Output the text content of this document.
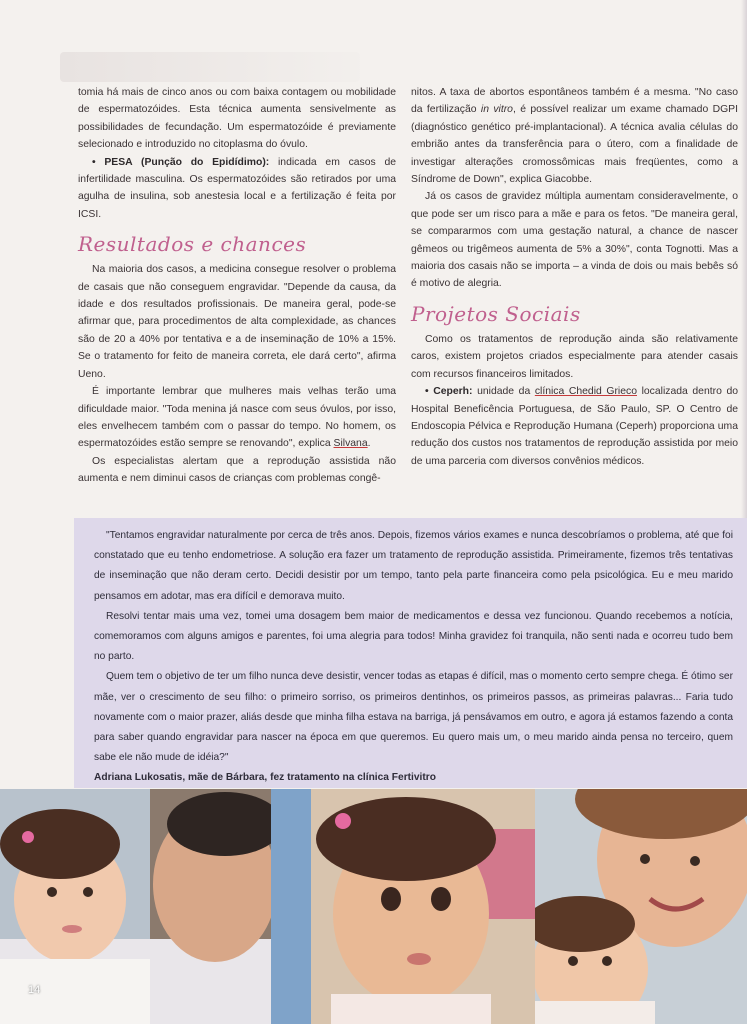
tomia há mais de cinco anos ou com baixa contagem ou mobilidade de espermatozóides. Esta técnica aumenta sensivelmente as possibilidades de fecundação. Um espermatozóide é previamente selecionado e introduzido no citoplasma do óvulo.

• PESA (Punção do Epidídimo): indicada em casos de infertilidade masculina. Os espermatozóides são retirados por uma agulha de insulina, sob anestesia local e a fertilização é feita por ICSI.

Resultados e chances

Na maioria dos casos, a medicina consegue resolver o problema de casais que não conseguem engravidar. "Depende da causa, da idade e dos resultados profissionais. De maneira geral, pode-se afirmar que, para procedimentos de alta complexidade, as chances são de 20 a 40% por tentativa e a de inseminação de 10% a 15%. Se o tratamento for feito de maneira correta, ele dará certo", afirma Ueno.

É importante lembrar que mulheres mais velhas terão uma dificuldade maior. "Toda menina já nasce com seus óvulos, por isso, eles envelhecem também com o passar do tempo. No homem, os espermatozóides estão sempre se renovando", explica Silvana.

Os especialistas alertam que a reprodução assistida não aumenta e nem diminui casos de crianças com problemas congê-

nitos. A taxa de abortos espontâneos também é a mesma. "No caso da fertilização in vitro, é possível realizar um exame chamado DGPI (diagnóstico genético pré-implantacional). A técnica avalia células do embrião antes da transferência para o útero, com a finalidade de investigar alterações cromossômicas mais freqüentes, como a Síndrome de Down", explica Giacobbe.

Já os casos de gravidez múltipla aumentam consideravelmente, o que pode ser um risco para a mãe e para os fetos. "De maneira geral, se compararmos com uma gestação natural, a chance de nascer gêmeos ou trigêmeos aumenta de 5% a 30%", conta Tognotti. Mas a maioria dos casais não se importa – a vinda de dois ou mais bebês só é motivo de alegria.

Projetos Sociais

Como os tratamentos de reprodução ainda são relativamente caros, existem projetos criados especialmente para atender casais com recursos financeiros limitados.

• Ceperh: unidade da clínica Chedid Grieco localizada dentro do Hospital Beneficência Portuguesa, de São Paulo, SP. O Centro de Endoscopia Pélvica e Reprodução Humana (Ceperh) proporciona uma redução dos custos nos tratamentos de reprodução assistida por meio de uma parceria com diversos convênios médicos.

"Tentamos engravidar naturalmente por cerca de três anos. Depois, fizemos vários exames e nunca descobríamos o problema, até que foi constatado que eu tenho endometriose. A solução era fazer um tratamento de reprodução assistida. Primeiramente, fizemos três tentativas de inseminação que não deram certo. Decidi desistir por um tempo, tanto pela parte financeira como pela psicológica. Eu e meu marido pensamos em adotar, mas era difícil e demorava muito.

Resolvi tentar mais uma vez, tomei uma dosagem bem maior de medicamentos e dessa vez funcionou. Quando recebemos a notícia, comemoramos com alguns amigos e parentes, foi uma alegria para todos! Minha gravidez foi tranquila, não senti nada e ocorreu tudo bem no parto.

Quem tem o objetivo de ter um filho nunca deve desistir, vencer todas as etapas é difícil, mas o momento certo sempre chega. É ótimo ser mãe, ver o crescimento de seu filho: o primeiro sorriso, os primeiros dentinhos, os primeiros passos, as primeiras palavras... Faria tudo novamente com o maior prazer, aliás desde que minha filha estava na barriga, já pensávamos em outro, e agora já estamos fazendo a conta para saber quando engravidar para nascer na época em que queremos. Eu quero mais um, o meu marido ainda pensa no terceiro, quem sabe ele não mude de idéia?"

Adriana Lukosatis, mãe de Bárbara, fez tratamento na clínica Fertivitro

14
